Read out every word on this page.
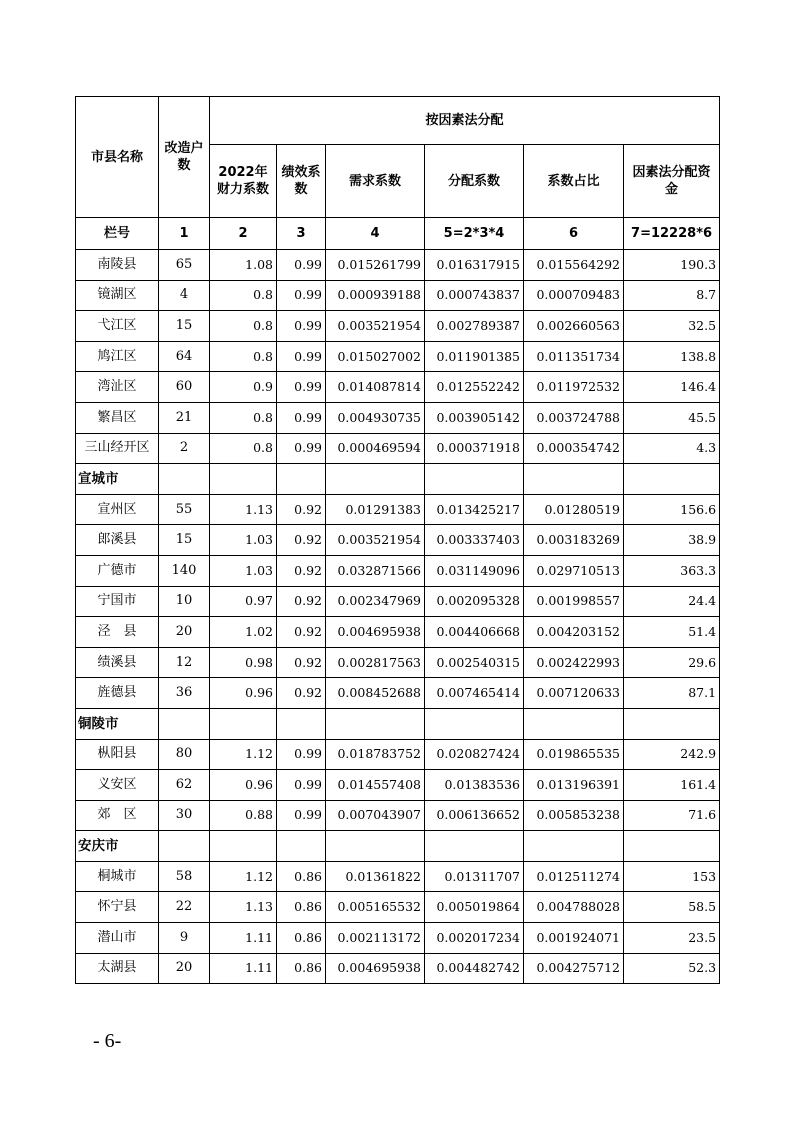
市县名称	改造户数	按因素法分配					
		2022年财力系数	绩效系数	需求系数	分配系数	系数占比	因素法分配资金
栏号	1	2	3	4	5=2*3*4	6	7=12228*6
南陵县	65	1.08	0.99	0.015261799	0.016317915	0.015564292	190.3
镜湖区	4	0.8	0.99	0.000939188	0.000743837	0.000709483	8.7
弋江区	15	0.8	0.99	0.003521954	0.002789387	0.002660563	32.5
鸠江区	64	0.8	0.99	0.015027002	0.011901385	0.011351734	138.8
湾沚区	60	0.9	0.99	0.014087814	0.012552242	0.011972532	146.4
繁昌区	21	0.8	0.99	0.004930735	0.003905142	0.003724788	45.5
三山经开区	2	0.8	0.99	0.000469594	0.000371918	0.000354742	4.3
宣城市							
宣州区	55	1.13	0.92	0.01291383	0.013425217	0.01280519	156.6
郎溪县	15	1.03	0.92	0.003521954	0.003337403	0.003183269	38.9
广德市	140	1.03	0.92	0.032871566	0.031149096	0.029710513	363.3
宁国市	10	0.97	0.92	0.002347969	0.002095328	0.001998557	24.4
泾　县	20	1.02	0.92	0.004695938	0.004406668	0.004203152	51.4
绩溪县	12	0.98	0.92	0.002817563	0.002540315	0.002422993	29.6
旌德县	36	0.96	0.92	0.008452688	0.007465414	0.007120633	87.1
铜陵市							
枞阳县	80	1.12	0.99	0.018783752	0.020827424	0.019865535	242.9
义安区	62	0.96	0.99	0.014557408	0.01383536	0.013196391	161.4
郊　区	30	0.88	0.99	0.007043907	0.006136652	0.005853238	71.6
安庆市							
桐城市	58	1.12	0.86	0.01361822	0.01311707	0.012511274	153
怀宁县	22	1.13	0.86	0.005165532	0.005019864	0.004788028	58.5
潜山市	9	1.11	0.86	0.002113172	0.002017234	0.001924071	23.5
太湖县	20	1.11	0.86	0.004695938	0.004482742	0.004275712	52.3
- 6-
